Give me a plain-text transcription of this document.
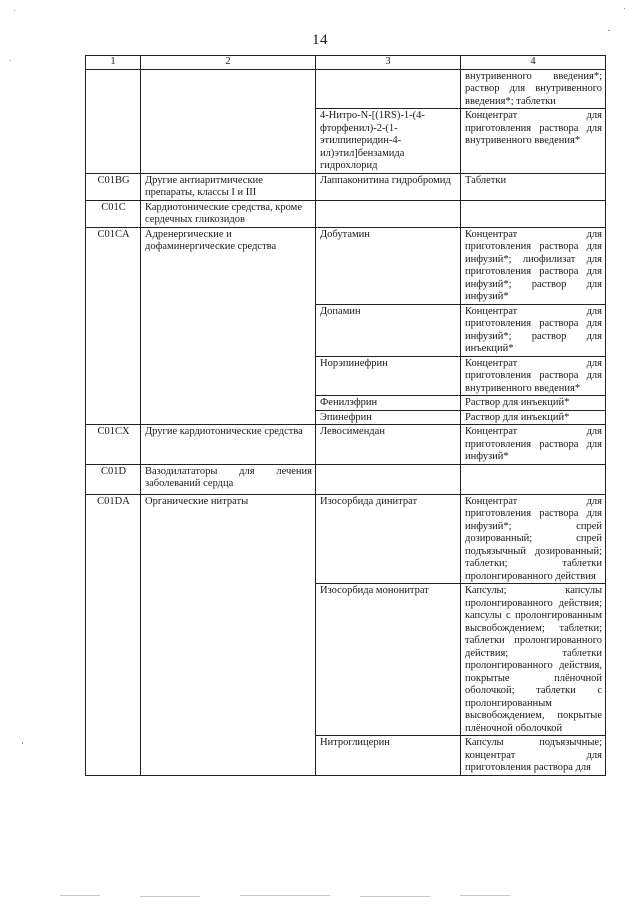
14
1	2	3	4
			внутривенного введения*; раствор для внутривенного введения*; таблетки
		4-Нитро-N-[(1RS)-1-(4-фторфенил)-2-(1-этилпиперидин-4-ил)этил]бензамида гидрохлорид	Концентрат для приготовления раствора для внутривенного введения*
C01BG	Другие антиаритмические препараты, классы I и III	Лаппаконитина гидробромид	Таблетки
C01C	Кардиотонические средства, кроме сердечных гликозидов		
C01CA	Адренергические и дофаминергические средства	Добутамин	Концентрат для приготовления раствора для инфузий*; лиофилизат для приготовления раствора для инфузий*; раствор для инфузий*
		Допамин	Концентрат для приготовления раствора для инфузий*; раствор для инъекций*
		Норэпинефрин	Концентрат для приготовления раствора для внутривенного введения*
		Фенилэфрин	Раствор для инъекций*
		Эпинефрин	Раствор для инъекций*
C01CX	Другие кардиотонические средства	Левосимендан	Концентрат для приготовления раствора для инфузий*
C01D	Вазодилататоры для лечения заболеваний сердца		
C01DA	Органические нитраты	Изосорбида динитрат	Концентрат для приготовления раствора для инфузий*; спрей дозированный; спрей подъязычный дозированный; таблетки; таблетки пролонгированного действия
		Изосорбида мононитрат	Капсулы; капсулы пролонгированного действия; капсулы с пролонгированным высвобождением; таблетки; таблетки пролонгированного действия; таблетки пролонгированного действия, покрытые плёночной оболочкой; таблетки с пролонгированным высвобождением, покрытые плёночной оболочкой
		Нитроглицерин	Капсулы подъязычные; концентрат для приготовления раствора для
